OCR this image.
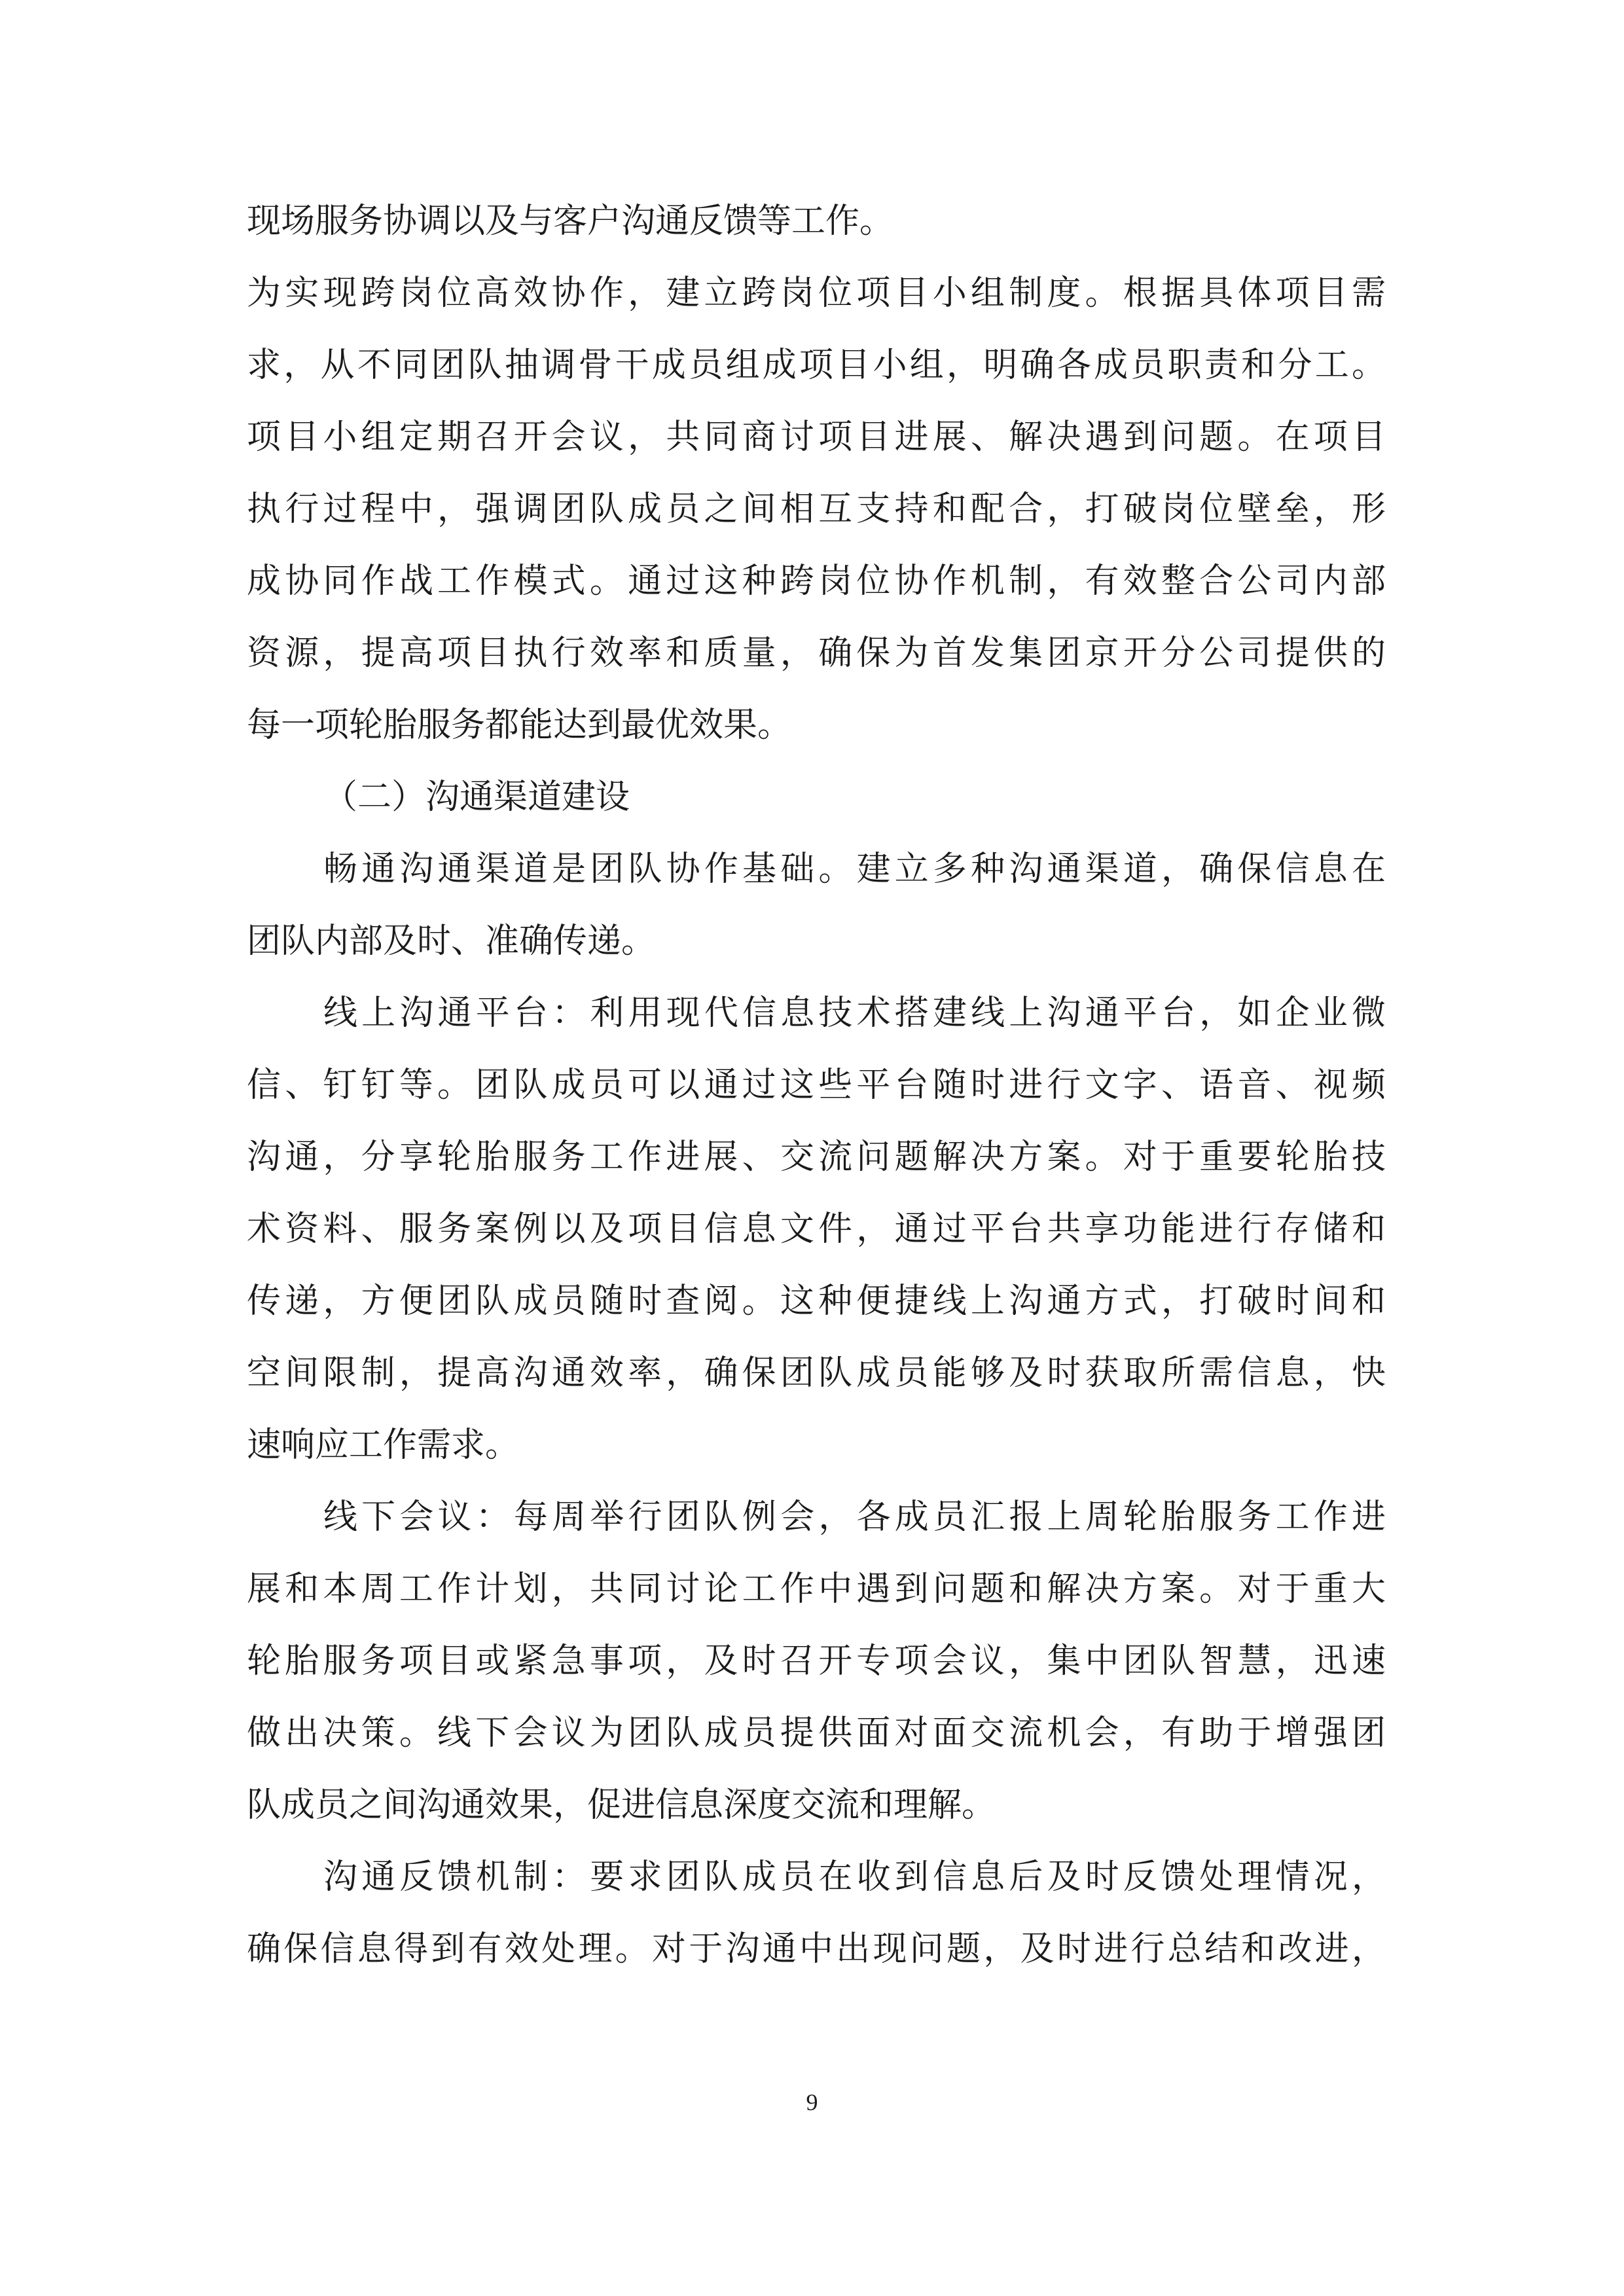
现场服务协调以及与客户沟通反馈等工作。
为实现跨岗位高效协作，建立跨岗位项目小组制度。根据具体项目需
求，从不同团队抽调骨干成员组成项目小组，明确各成员职责和分工。
项目小组定期召开会议，共同商讨项目进展、解决遇到问题。在项目
执行过程中，强调团队成员之间相互支持和配合，打破岗位壁垒，形
成协同作战工作模式。通过这种跨岗位协作机制，有效整合公司内部
资源，提高项目执行效率和质量，确保为首发集团京开分公司提供的
每一项轮胎服务都能达到最优效果。
（二）沟通渠道建设
畅通沟通渠道是团队协作基础。建立多种沟通渠道，确保信息在
团队内部及时、准确传递。
线上沟通平台：利用现代信息技术搭建线上沟通平台，如企业微
信、钉钉等。团队成员可以通过这些平台随时进行文字、语音、视频
沟通，分享轮胎服务工作进展、交流问题解决方案。对于重要轮胎技
术资料、服务案例以及项目信息文件，通过平台共享功能进行存储和
传递，方便团队成员随时查阅。这种便捷线上沟通方式，打破时间和
空间限制，提高沟通效率，确保团队成员能够及时获取所需信息，快
速响应工作需求。
线下会议：每周举行团队例会，各成员汇报上周轮胎服务工作进
展和本周工作计划，共同讨论工作中遇到问题和解决方案。对于重大
轮胎服务项目或紧急事项，及时召开专项会议，集中团队智慧，迅速
做出决策。线下会议为团队成员提供面对面交流机会，有助于增强团
队成员之间沟通效果，促进信息深度交流和理解。
沟通反馈机制：要求团队成员在收到信息后及时反馈处理情况，
确保信息得到有效处理。对于沟通中出现问题，及时进行总结和改进，
9
